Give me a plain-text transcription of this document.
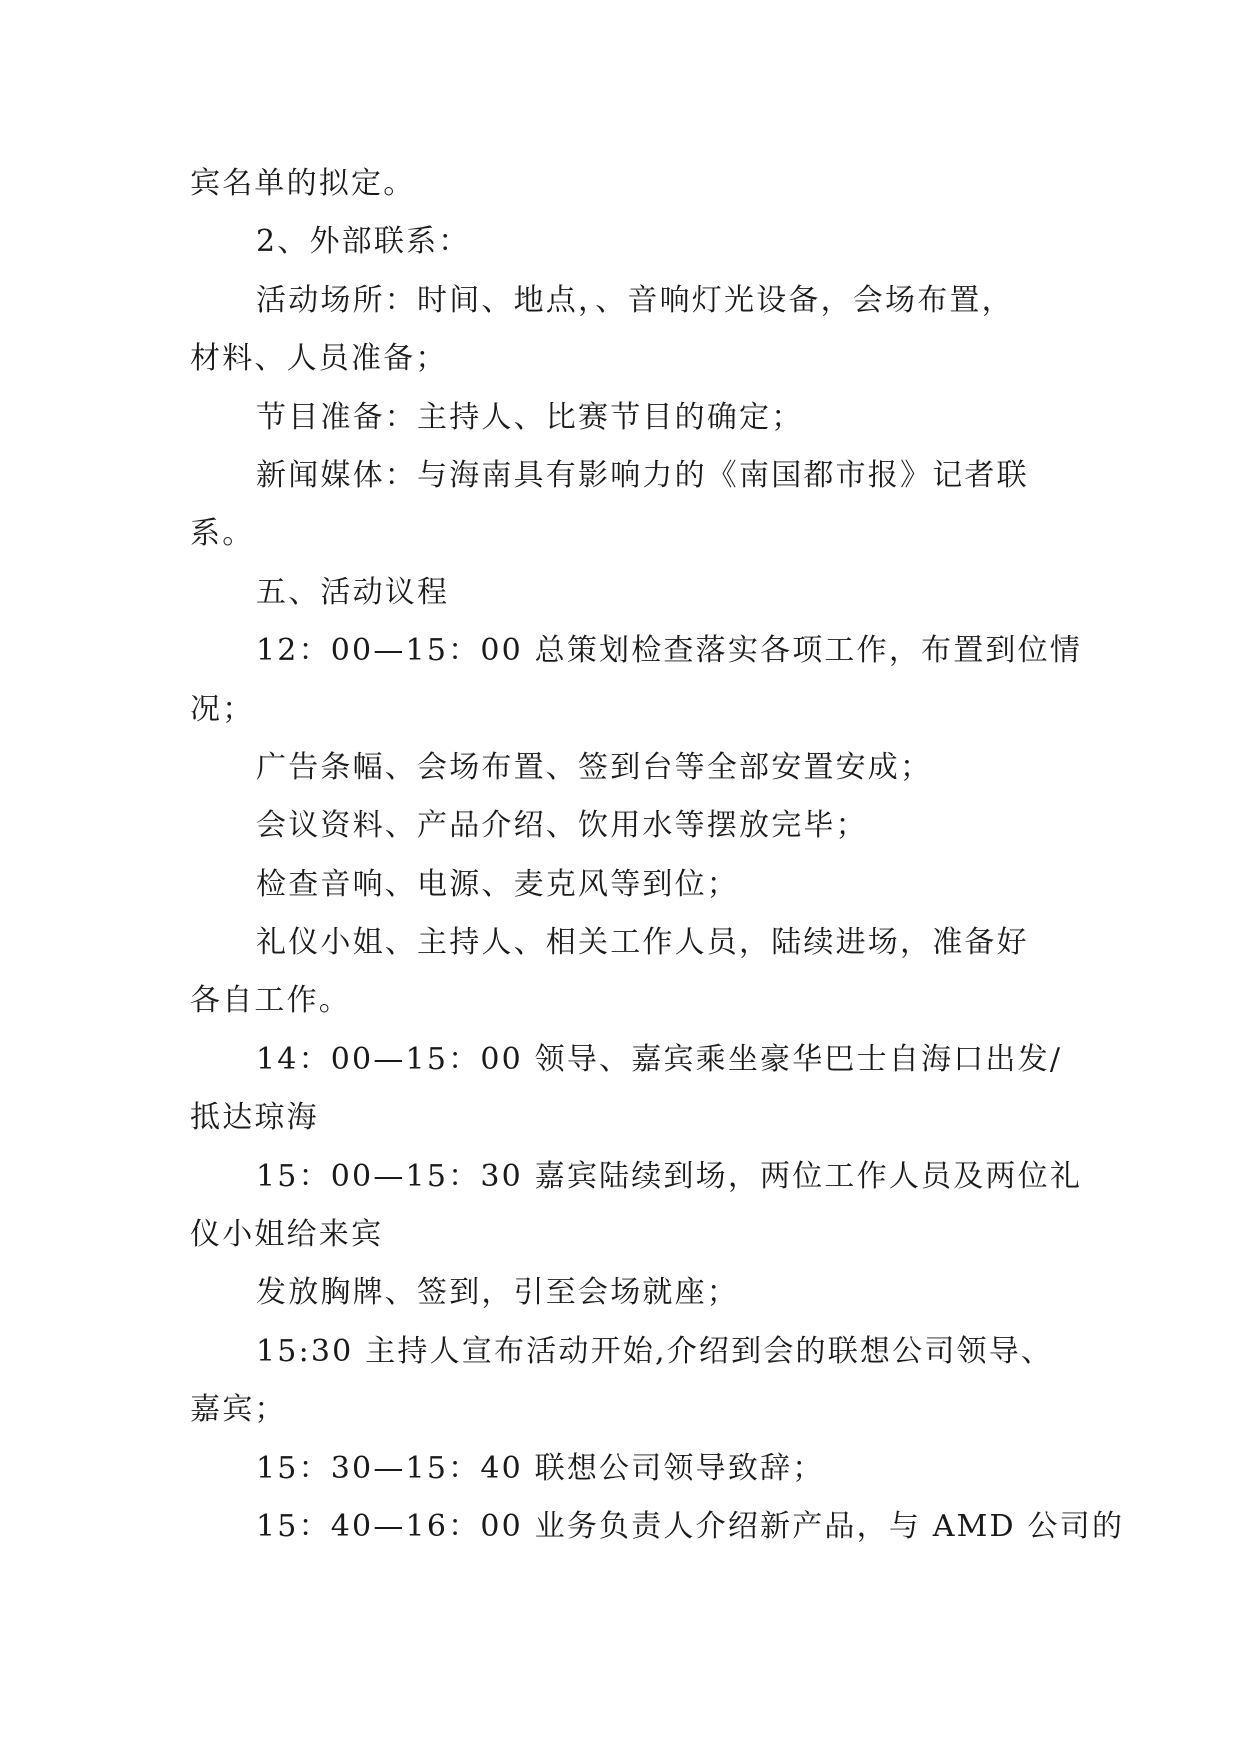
宾名单的拟定。

2、外部联系：

活动场所：时间、地点，、音响灯光设备，会场布置，

材料、人员准备；

节目准备：主持人、比赛节目的确定；

新闻媒体：与海南具有影响力的《南国都市报》记者联

系。

五、活动议程

12：00—15：00 总策划检查落实各项工作，布置到位情

况；

广告条幅、会场布置、签到台等全部安置安成；

会议资料、产品介绍、饮用水等摆放完毕；

检查音响、电源、麦克风等到位；

礼仪小姐、主持人、相关工作人员，陆续进场，准备好

各自工作。

14：00—15：00 领导、嘉宾乘坐豪华巴士自海口出发/

抵达琼海

15：00—15：30 嘉宾陆续到场，两位工作人员及两位礼

仪小姐给来宾

发放胸牌、签到，引至会场就座；

15:30 主持人宣布活动开始,介绍到会的联想公司领导、

嘉宾；

15：30—15：40 联想公司领导致辞；

15：40—16：00 业务负责人介绍新产品，与 AMD 公司的
